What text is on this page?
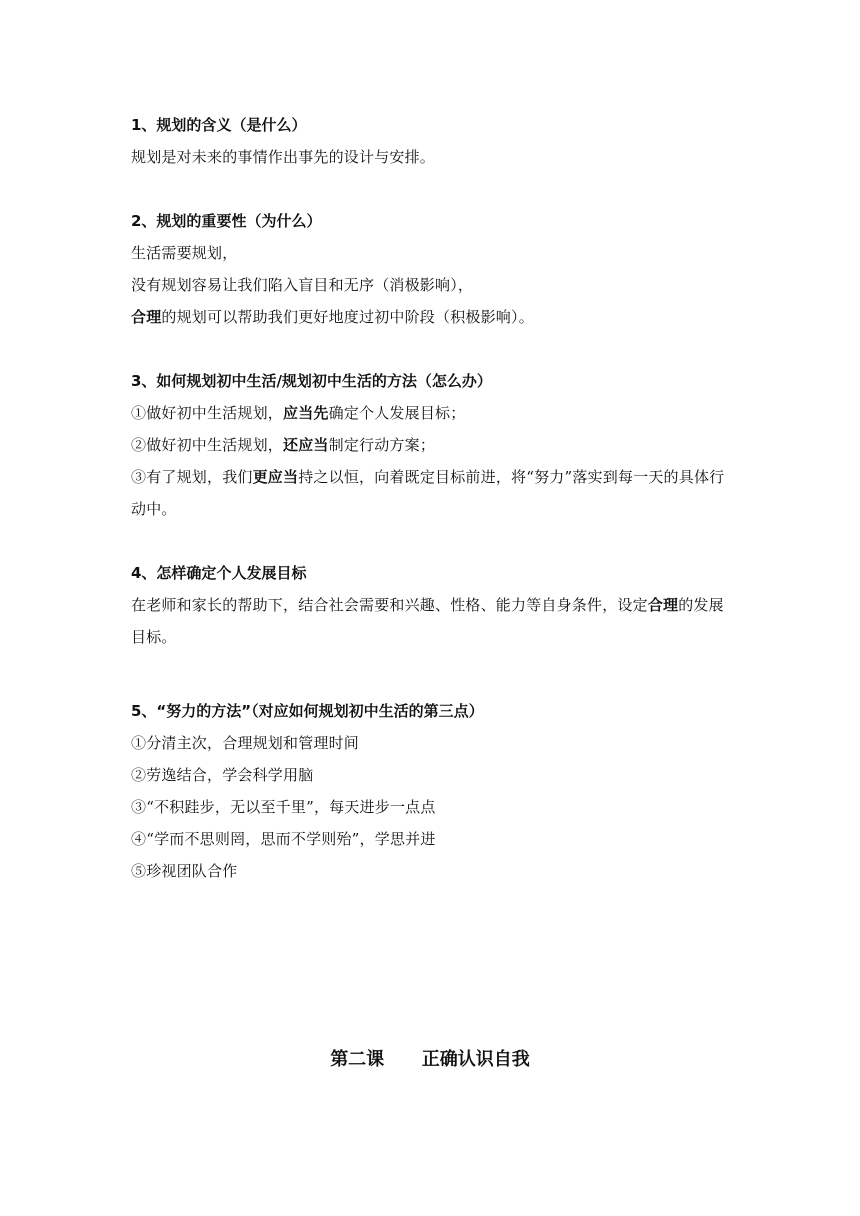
1、规划的含义（是什么）
规划是对未来的事情作出事先的设计与安排。
2、规划的重要性（为什么）
生活需要规划，
没有规划容易让我们陷入盲目和无序（消极影响），
合理的规划可以帮助我们更好地度过初中阶段（积极影响）。
3、如何规划初中生活/规划初中生活的方法（怎么办）
①做好初中生活规划，应当先确定个人发展目标；
②做好初中生活规划，还应当制定行动方案；
③有了规划，我们更应当持之以恒，向着既定目标前进，将“努力”落实到每一天的具体行动中。
4、怎样确定个人发展目标
在老师和家长的帮助下，结合社会需要和兴趣、性格、能力等自身条件，设定合理的发展目标。
5、“努力的方法”（对应如何规划初中生活的第三点）
①分清主次，合理规划和管理时间
②劳逸结合，学会科学用脑
③“不积跬步，无以至千里”，每天进步一点点
④“学而不思则罔，思而不学则殆”，学思并进
⑤珍视团队合作
第二课      正确认识自我
